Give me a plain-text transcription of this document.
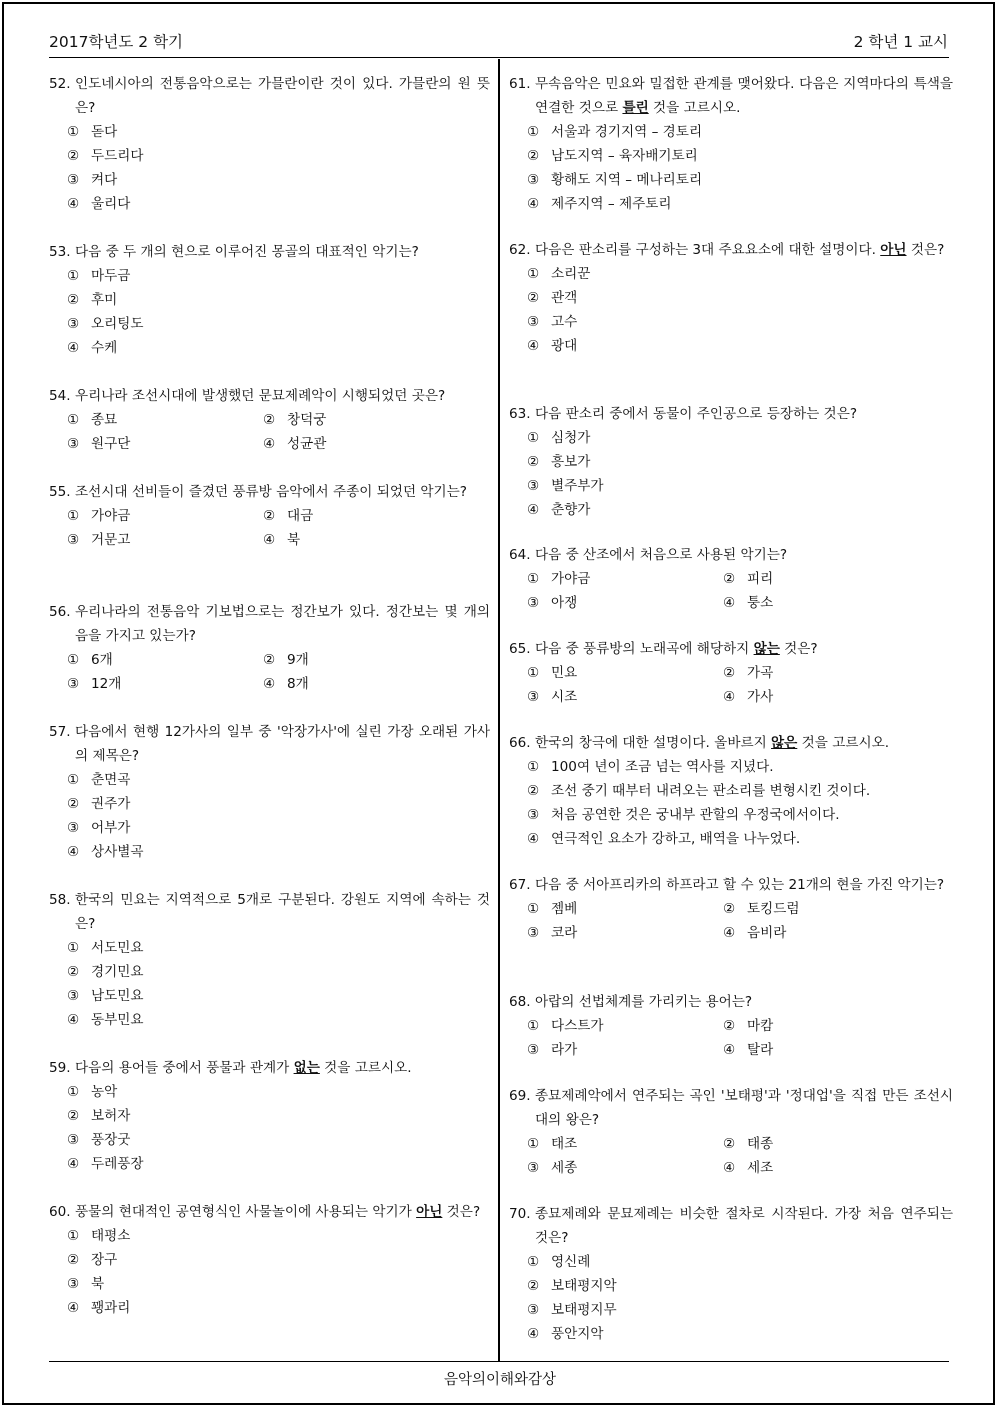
2017학년도 2 학기	2 학년 1 교시
음악의이해와감상
52. 인도네시아의 전통음악으로는 가믈란이란 것이 있다. 가믈란의 원 뜻은?
① 돋다
② 두드리다
③ 켜다
④ 울리다
53. 다음 중 두 개의 현으로 이루어진 몽골의 대표적인 악기는?
① 마두금
② 후미
③ 오리팅도
④ 수케
54. 우리나라 조선시대에 발생했던 문묘제례악이 시행되었던 곳은?
① 종묘	② 창덕궁
③ 원구단	④ 성균관
55. 조선시대 선비들이 즐겼던 풍류방 음악에서 주종이 되었던 악기는?
① 가야금	② 대금
③ 거문고	④ 북
56. 우리나라의 전통음악 기보법으로는 정간보가 있다. 정간보는 몇 개의 음을 가지고 있는가?
① 6개	② 9개
③ 12개	④ 8개
57. 다음에서 현행 12가사의 일부 중 '악장가사'에 실린 가장 오래된 가사의 제목은?
① 춘면곡
② 권주가
③ 어부가
④ 상사별곡
58. 한국의 민요는 지역적으로 5개로 구분된다. 강원도 지역에 속하는 것은?
① 서도민요
② 경기민요
③ 남도민요
④ 동부민요
59. 다음의 용어들 중에서 풍물과 관계가 없는 것을 고르시오.
① 농악
② 보허자
③ 풍장굿
④ 두레풍장
60. 풍물의 현대적인 공연형식인 사물놀이에 사용되는 악기가 아닌 것은?
① 태평소
② 장구
③ 북
④ 꽹과리
61. 무속음악은 민요와 밀접한 관계를 맺어왔다. 다음은 지역마다의 특색을 연결한 것으로 틀린 것을 고르시오.
① 서울과 경기지역 – 경토리
② 남도지역 – 육자배기토리
③ 황해도 지역 – 메나리토리
④ 제주지역 – 제주토리
62. 다음은 판소리를 구성하는 3대 주요요소에 대한 설명이다. 아닌 것은?
① 소리꾼
② 관객
③ 고수
④ 광대
63. 다음 판소리 중에서 동물이 주인공으로 등장하는 것은?
① 심청가
② 흥보가
③ 별주부가
④ 춘향가
64. 다음 중 산조에서 처음으로 사용된 악기는?
① 가야금	② 피리
③ 아쟁	④ 퉁소
65. 다음 중 풍류방의 노래곡에 해당하지 않는 것은?
① 민요	② 가곡
③ 시조	④ 가사
66. 한국의 창극에 대한 설명이다. 올바르지 않은 것을 고르시오.
① 100여 년이 조금 넘는 역사를 지녔다.
② 조선 중기 때부터 내려오는 판소리를 변형시킨 것이다.
③ 처음 공연한 것은 궁내부 관할의 우정국에서이다.
④ 연극적인 요소가 강하고, 배역을 나누었다.
67. 다음 중 서아프리카의 하프라고 할 수 있는 21개의 현을 가진 악기는?
① 젬베	② 토킹드럼
③ 코라	④ 음비라
68. 아랍의 선법체계를 가리키는 용어는?
① 다스트가	② 마캄
③ 라가	④ 탈라
69. 종묘제례악에서 연주되는 곡인 '보태평'과 '정대업'을 직접 만든 조선시대의 왕은?
① 태조	② 태종
③ 세종	④ 세조
70. 종묘제례와 문묘제례는 비슷한 절차로 시작된다. 가장 처음 연주되는 것은?
① 영신례
② 보태평지악
③ 보태평지무
④ 풍안지악
